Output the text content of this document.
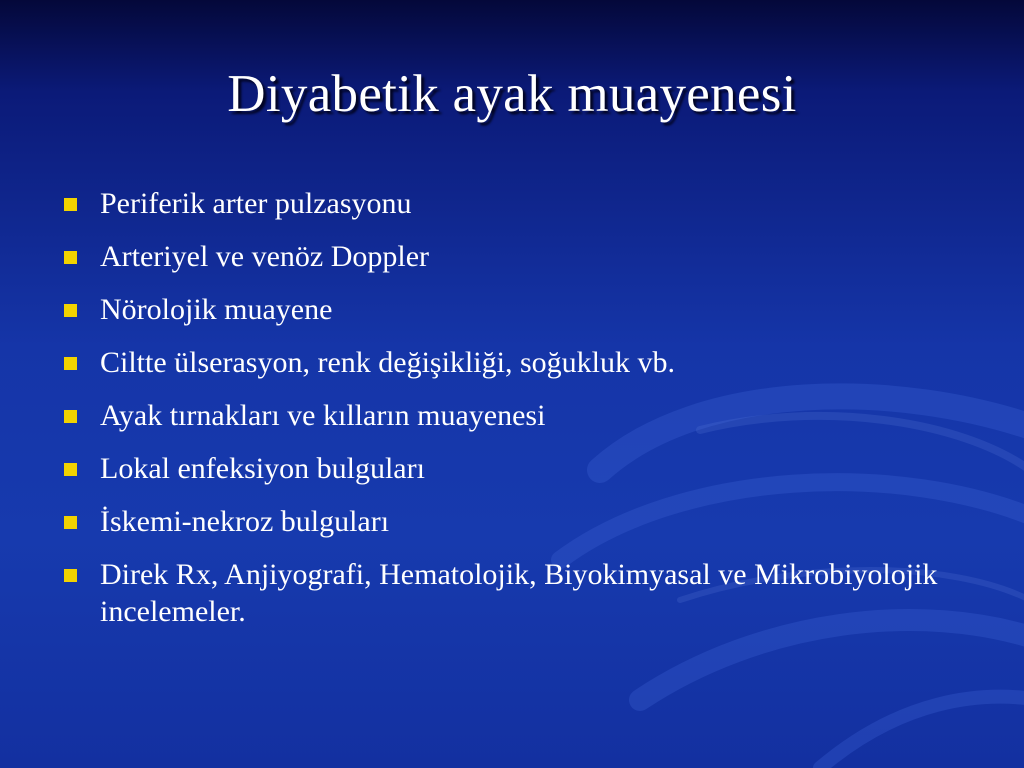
Diyabetik ayak muayenesi
Periferik arter pulzasyonu
Arteriyel ve venöz Doppler
Nörolojik muayene
Ciltte ülserasyon, renk değişikliği, soğukluk vb.
Ayak tırnakları ve kılların muayenesi
Lokal enfeksiyon bulguları
İskemi-nekroz bulguları
Direk Rx, Anjiyografi, Hematolojik, Biyokimyasal ve Mikrobiyolojik incelemeler.
